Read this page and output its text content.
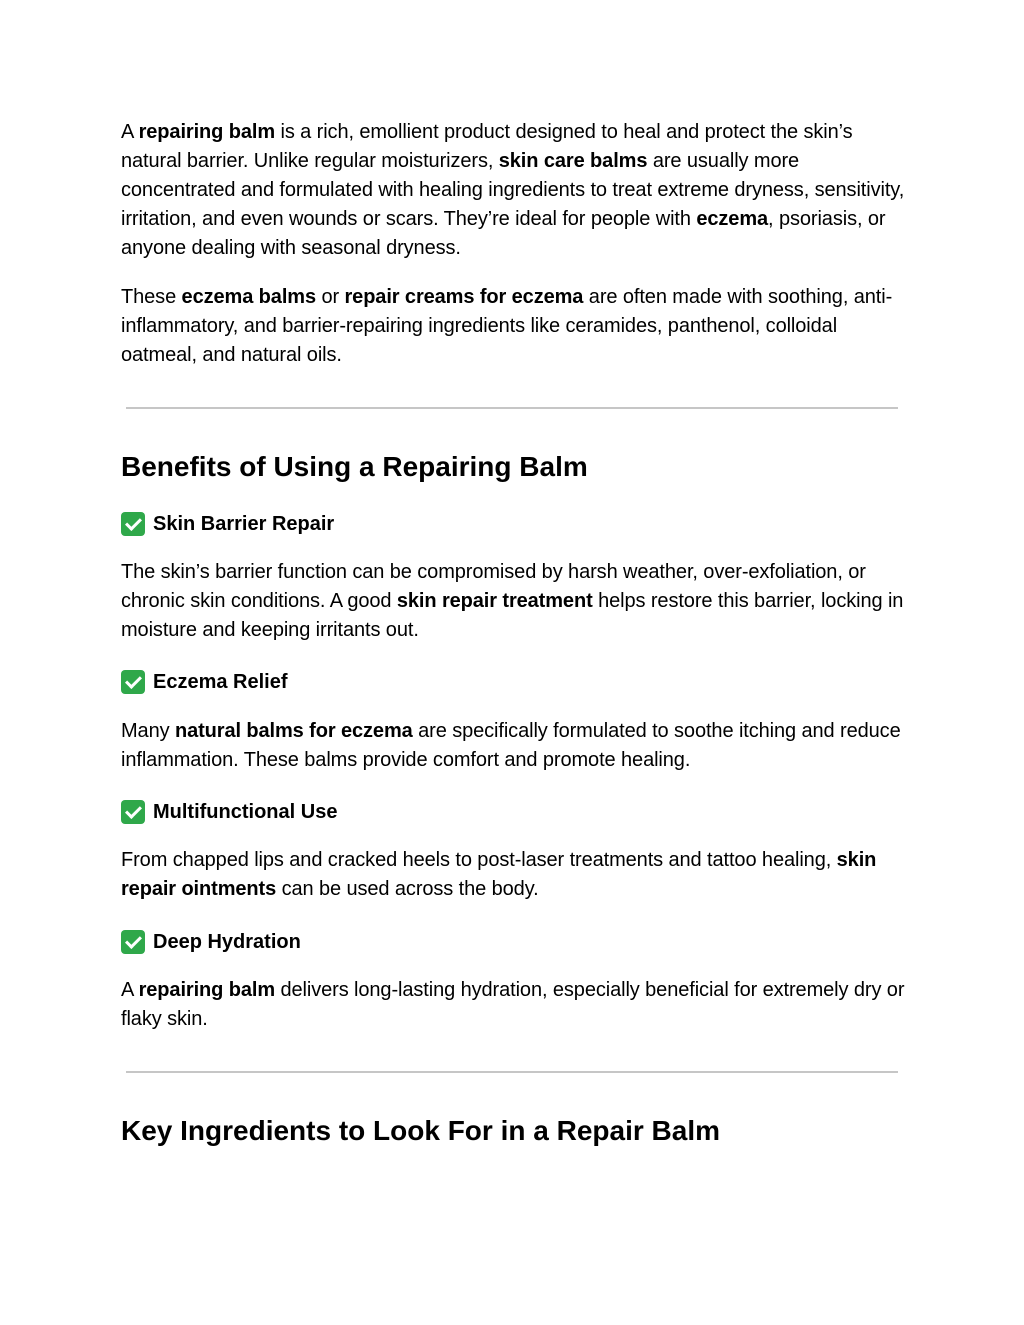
A repairing balm is a rich, emollient product designed to heal and protect the skin’s natural barrier. Unlike regular moisturizers, skin care balms are usually more concentrated and formulated with healing ingredients to treat extreme dryness, sensitivity, irritation, and even wounds or scars. They’re ideal for people with eczema, psoriasis, or anyone dealing with seasonal dryness.

These eczema balms or repair creams for eczema are often made with soothing, anti-inflammatory, and barrier-repairing ingredients like ceramides, panthenol, colloidal oatmeal, and natural oils.

Benefits of Using a Repairing Balm
Skin Barrier Repair

The skin’s barrier function can be compromised by harsh weather, over-exfoliation, or chronic skin conditions. A good skin repair treatment helps restore this barrier, locking in moisture and keeping irritants out.

Eczema Relief

Many natural balms for eczema are specifically formulated to soothe itching and reduce inflammation. These balms provide comfort and promote healing.

Multifunctional Use

From chapped lips and cracked heels to post-laser treatments and tattoo healing, skin repair ointments can be used across the body.

Deep Hydration

A repairing balm delivers long-lasting hydration, especially beneficial for extremely dry or flaky skin.

Key Ingredients to Look For in a Repair Balm
